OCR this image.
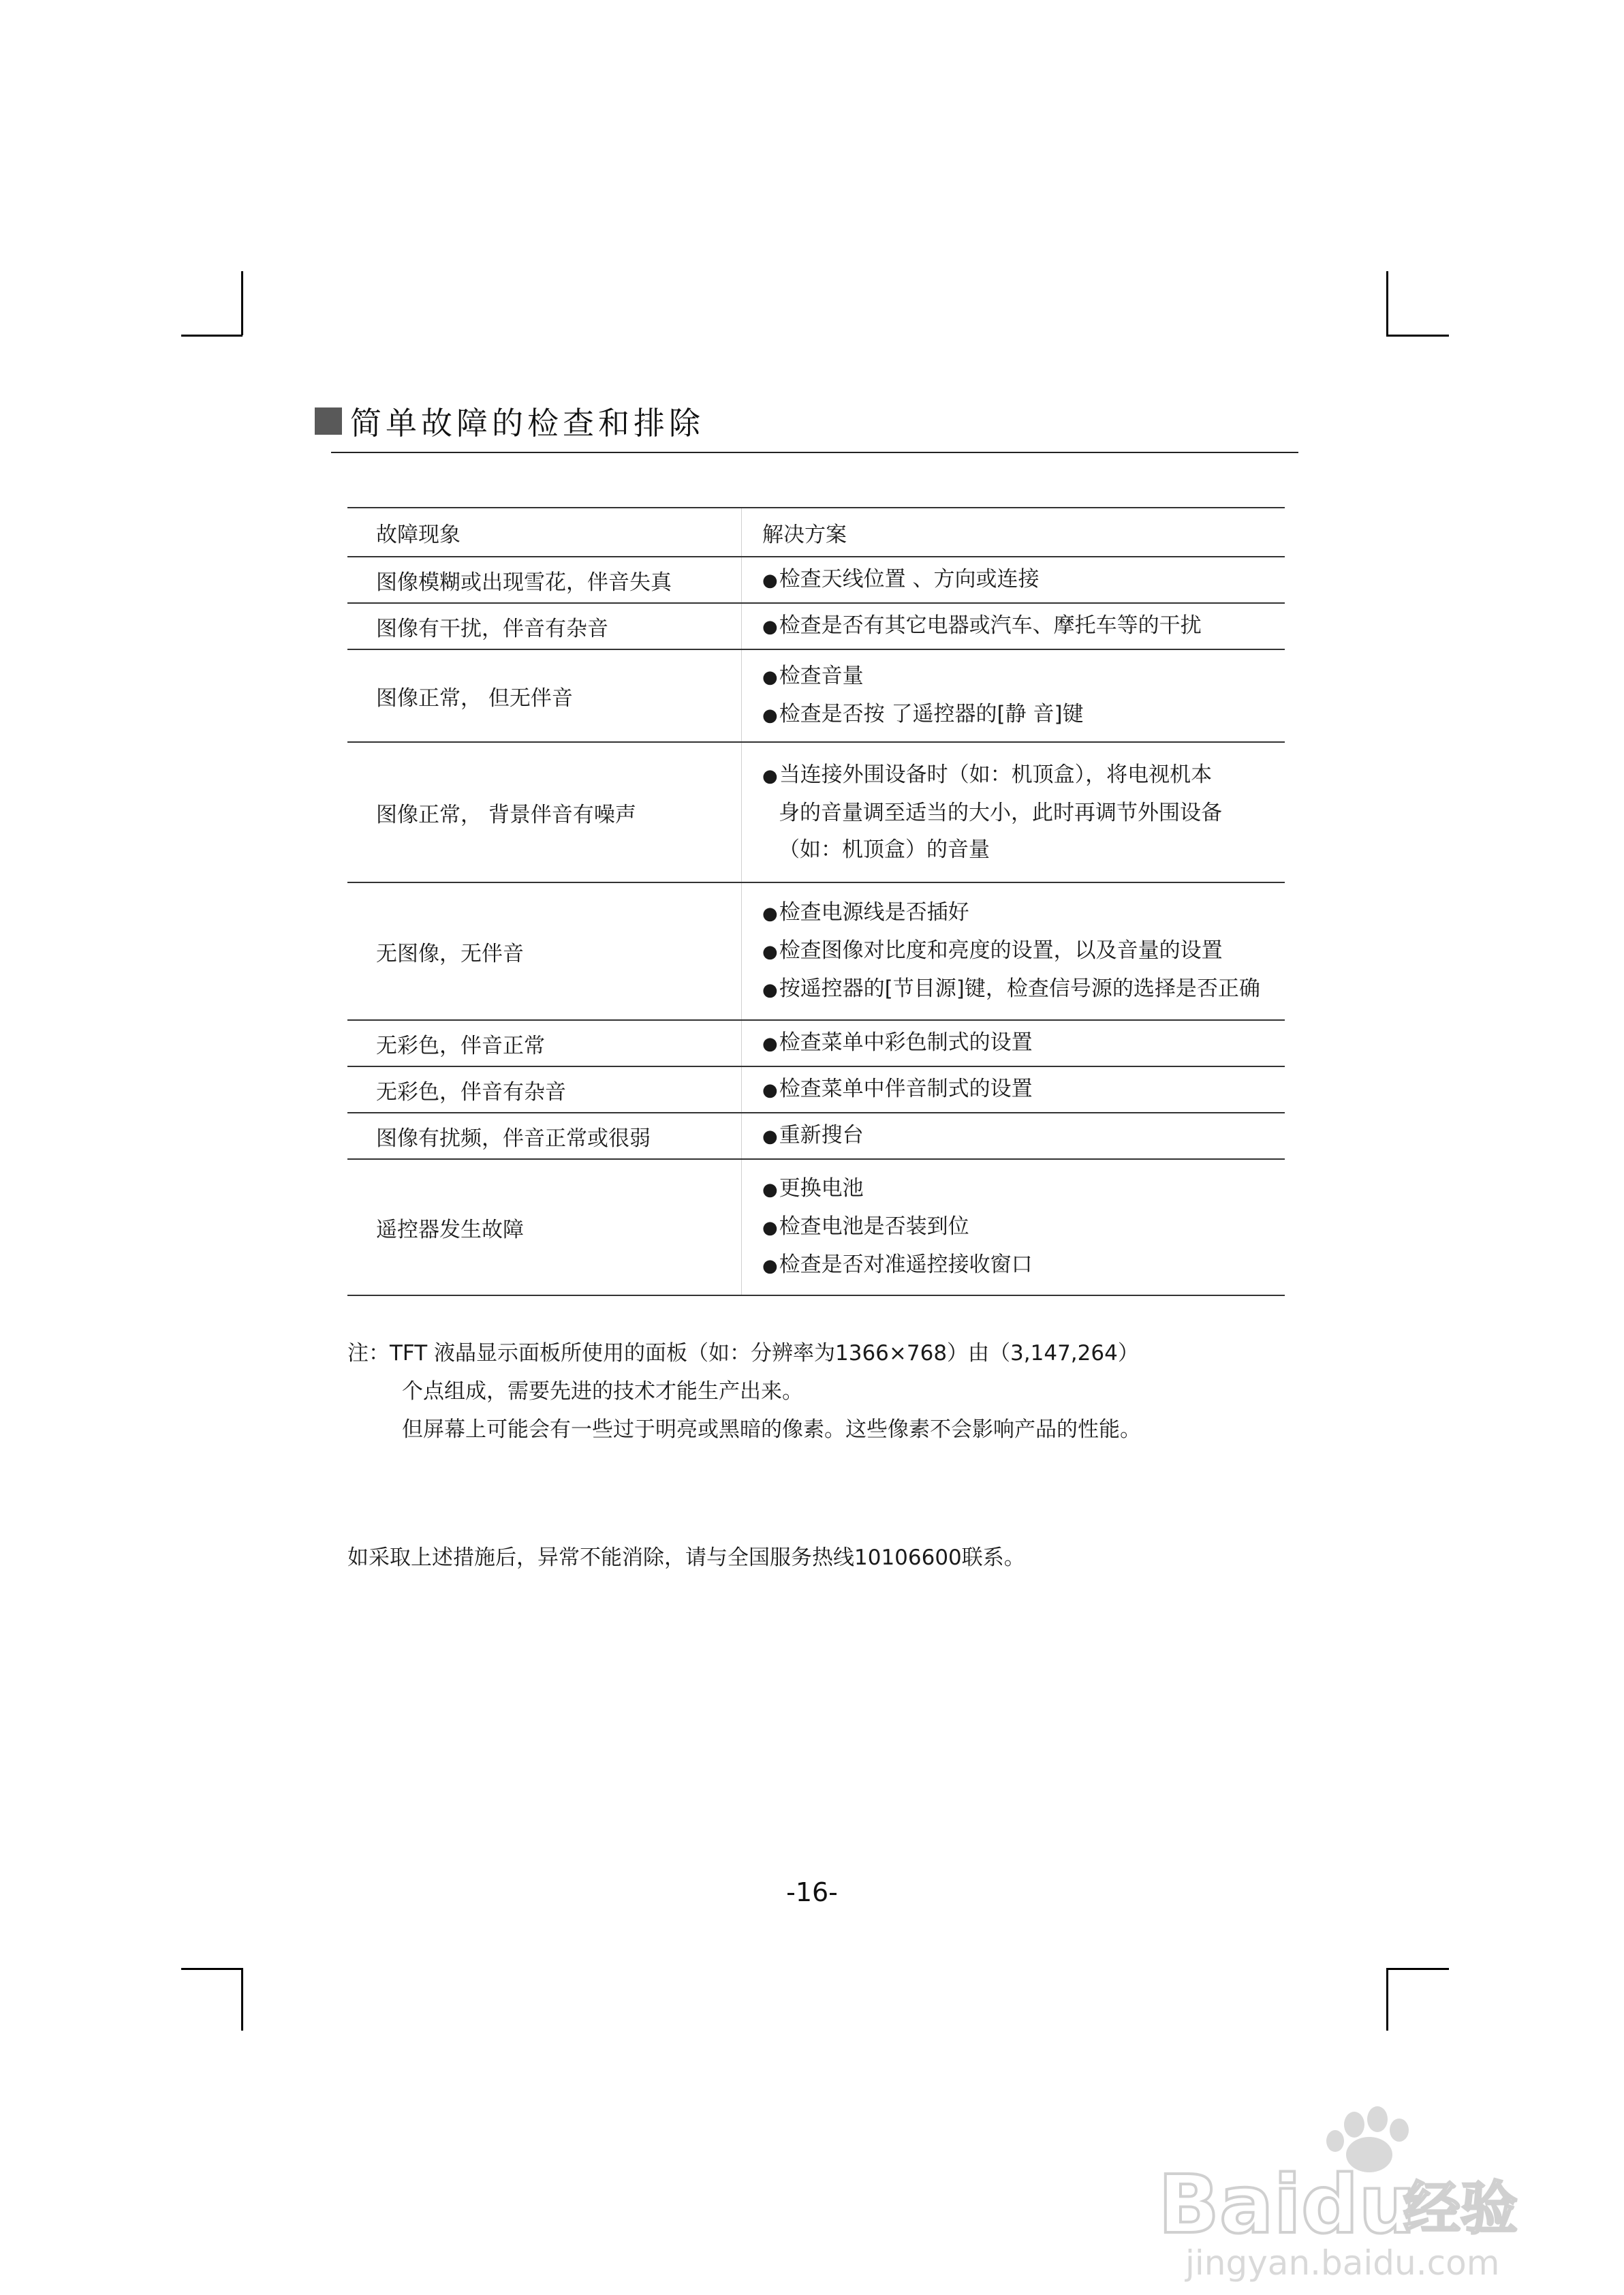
简单故障的检查和排除
故障现象	解决方案
图像模糊或出现雪花，伴音失真	●检查天线位置 、方向或连接

图像有干扰，伴音有杂音	●检查是否有其它电器或汽车、摩托车等的干扰

图像正常， 但无伴音	●检查音量
●检查是否按 了遥控器的[静 音]键

图像正常， 背景伴音有噪声	●当连接外围设备时（如：机顶盒），将电视机本
身的音量调至适当的大小，此时再调节外围设备
（如：机顶盒）的音量

无图像，无伴音	●检查电源线是否插好
●检查图像对比度和亮度的设置，以及音量的设置
●按遥控器的[节目源]键，检查信号源的选择是否正确

无彩色，伴音正常	●检查菜单中彩色制式的设置

无彩色，伴音有杂音	●检查菜单中伴音制式的设置

图像有扰频，伴音正常或很弱	●重新搜台

遥控器发生故障	●更换电池
●检查电池是否装到位
●检查是否对准遥控接收窗口
注：TFT 液晶显示面板所使用的面板（如：分辨率为1366×768）由（3,147,264）
个点组成，需要先进的技术才能生产出来。
但屏幕上可能会有一些过于明亮或黑暗的像素。这些像素不会影响产品的性能。
如采取上述措施后，异常不能消除，请与全国服务热线10106600联系。
-16-
Bai du
经验
jingyan.baidu.com
